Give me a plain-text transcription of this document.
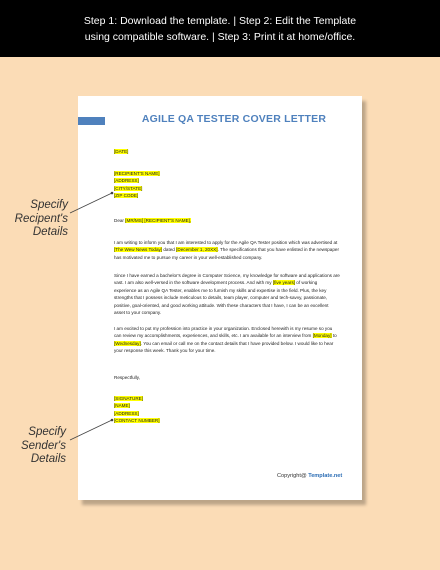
Step 1: Download the template. | Step 2: Edit the Template
using compatible software. | Step 3: Print it at home/office.
AGILE QA TESTER COVER LETTER
[DATE]
[RECIPIENT'S NAME]
[ADDRESS]
[CITY/STATE]
[ZIP CODE]
Dear [MR/MS] [RECIPIENT'S NAME],
I am writing to inform you that I am interested to apply for the Agile QA Tester position which was advertised at [The Wew News Today] dated [December 1, 20XX]. The specifications that you have enlisted in the newspaper has motivated me to pursue my career in your well-established company.
Since I have earned a bachelor's degree in Computer Science, my knowledge for software and applications are vast. I am also well-versed in the software development process. And with my [five years] of working experience as an Agile QA Tester, enables me to furnish my skills and expertise in the field. Plus, the key strengths that I possess include meticulous to details, team player, computer and tech-savvy, passionate, positive, goal-oriented, and good working attitude. With these characters that I have, I can be an excellent asset to your company.
I am excited to put my profession into practice in your organization. Enclosed herewith is my resume so you can review my accomplishments, experiences, and skills, etc. I am available for an interview from [Monday] to [Wednesday]. You can email or call me on the contact details that I have provided below. I would like to hear your response this week. Thank you for your time.
Respectfully,
[SIGNATURE]
[NAME]
[ADDRESS]
[CONTACT NUMBER]
Copyright@ Template.net
Specify
Recipent's
Details
Specify
Sender's
Details
